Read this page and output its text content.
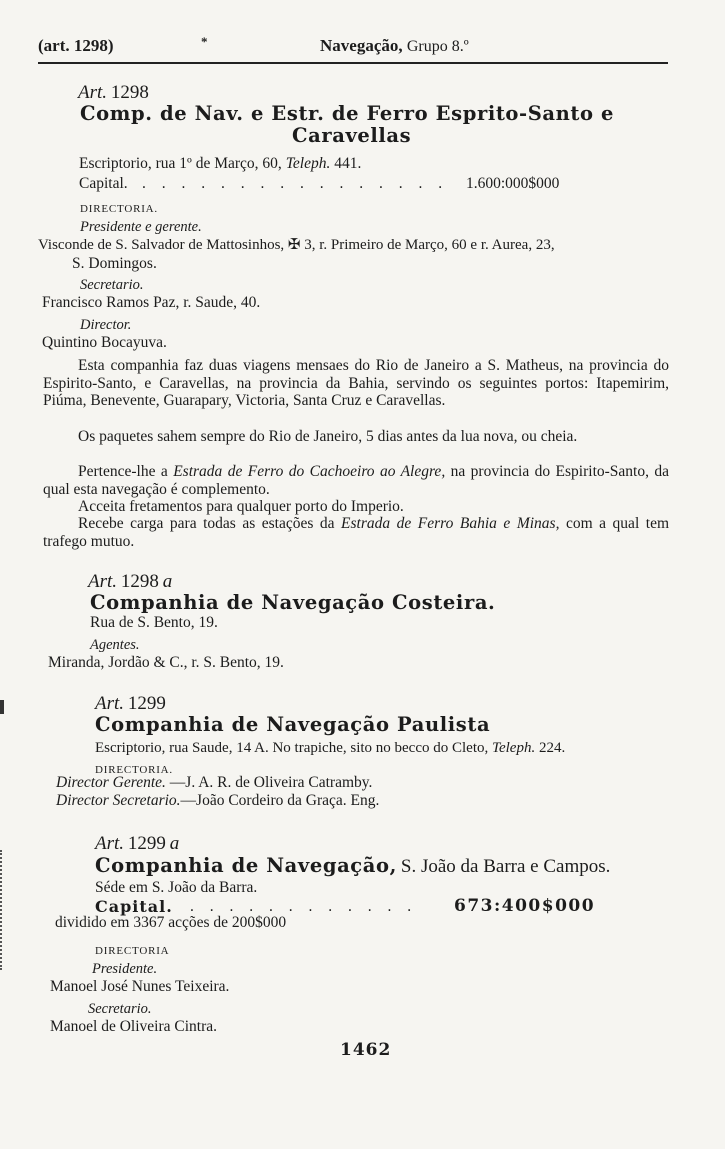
(art. 1298)	*	Navegação, Grupo 8.º
Art. 1298
Comp. de Nav. e Estr. de Ferro Esprito-Santo e
Caravellas
Escriptorio, rua 1º de Março, 60, Teleph. 441.
Capital. . . . . . . . . . . . . . . . . 1.600:000$000
DIRECTORIA.
Presidente e gerente.
Visconde de S. Salvador de Mattosinhos, ✠ 3, r. Primeiro de Março, 60 e r. Aurea, 23,
S. Domingos.
Secretario.
Francisco Ramos Paz, r. Saude, 40.
Director.
Quintino Bocayuva.
Esta companhia faz duas viagens mensaes do Rio de Janeiro a S. Matheus, na provincia do Espirito-Santo, e Caravellas, na provincia da Bahia, servindo os seguintes portos: Itapemirim, Piúma, Benevente, Guarapary, Victoria, Santa Cruz e Caravellas.
Os paquetes sahem sempre do Rio de Janeiro, 5 dias antes da lua nova, ou cheia.
Pertence-lhe a Estrada de Ferro do Cachoeiro ao Alegre, na provincia do Espirito-Santo, da qual esta navegação é complemento.
Acceita fretamentos para qualquer porto do Imperio.
Recebe carga para todas as estações da Estrada de Ferro Bahia e Minas, com a qual tem trafego mutuo.
Art. 1298 a
Companhia de Navegação Costeira.
Rua de S. Bento, 19.
Agentes.
Miranda, Jordão & C., r. S. Bento, 19.
Art. 1299
Companhia de Navegação Paulista
Escriptorio, rua Saude, 14 A. No trapiche, sito no becco do Cleto, Teleph. 224.
DIRECTORIA.
Director Gerente. —J. A. R. de Oliveira Catramby.
Director Secretario.—João Cordeiro da Graça. Eng.
Art. 1299 a
Companhia de Navegação, S. João da Barra e Campos.
Séde em S. João da Barra.
Capital. . . . . . . . . . . . . 673:400$000
dividido em 3367 acções de 200$000
DIRECTORIA
Presidente.
Manoel José Nunes Teixeira.
Secretario.
Manoel de Oliveira Cintra.
1462
